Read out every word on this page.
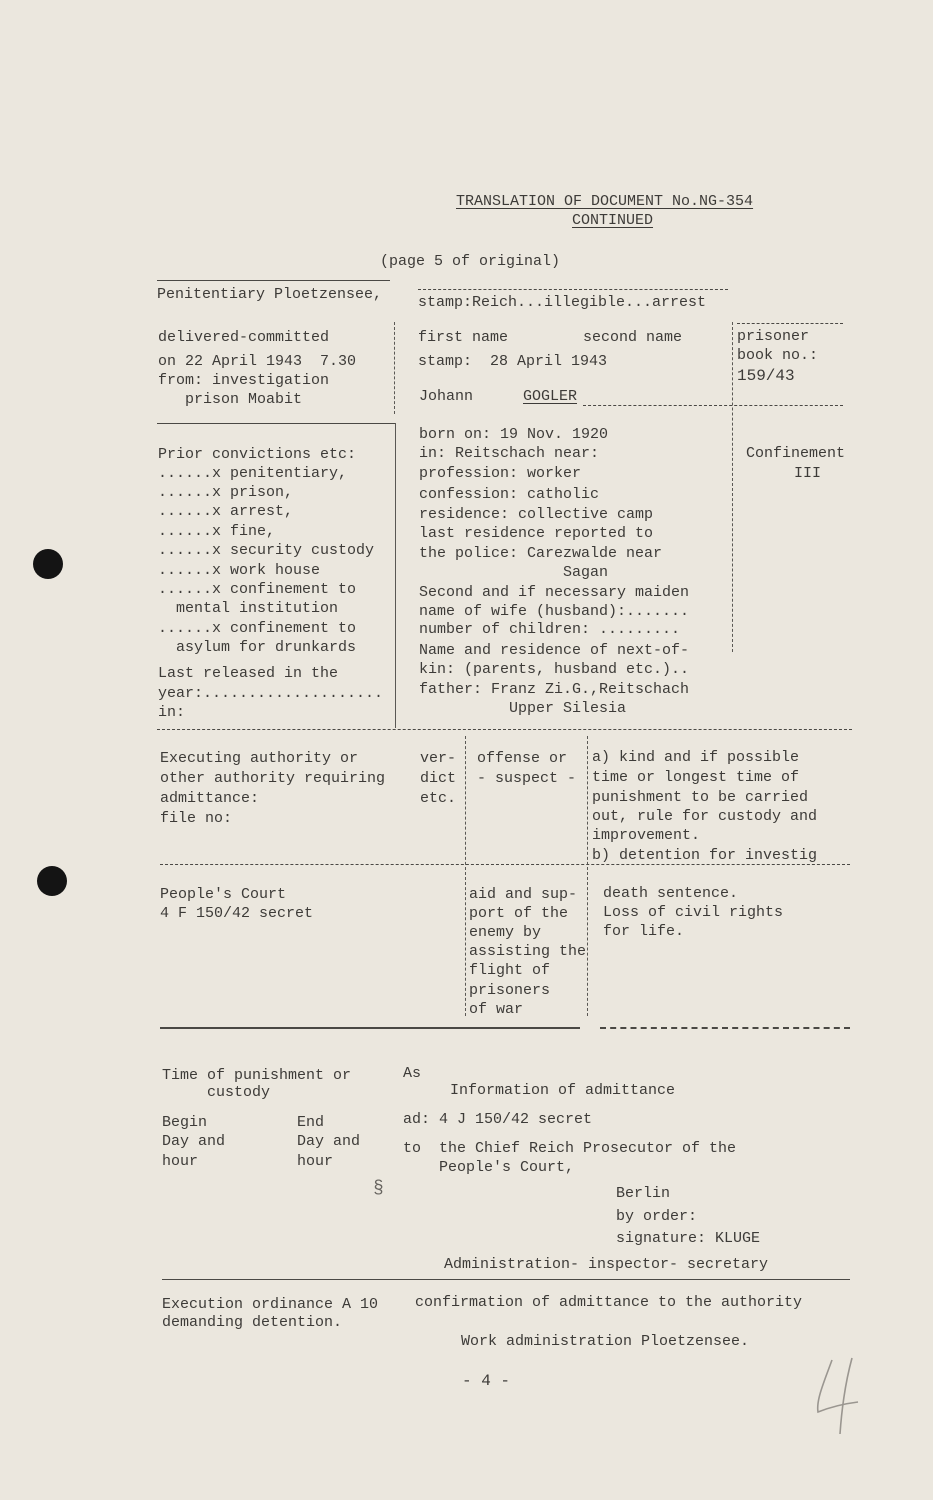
TRANSLATION OF DOCUMENT No.NG-354
CONTINUED
(page 5 of original)
Penitentiary Ploetzensee, stamp:Reich...illegible...arrest
delivered-committed
on 22 April 1943  7.30
from: investigation
prison Moabit
first name	second name
stamp:  28 April 1943
Johann	GOGLER
prisoner
book no.:
159/43
Prior convictions etc:
......x penitentiary,
......x prison,
......x arrest,
......x fine,
......x security custody
......x work house
......x confinement to
mental institution
......x confinement to
asylum for drunkards
Last released in the
year:....................
in:
born on: 19 Nov. 1920
in: Reitschach near:
profession: worker
confession: catholic
residence: collective camp
last residence reported to
the police: Carezwalde near
Sagan
Second and if necessary maiden
name of wife (husband):.......
number of children: .........
Name and residence of next-of-
kin: (parents, husband etc.)..
father: Franz Zi.G.,Reitschach
Upper Silesia
Confinement
III
Executing authority or
other authority requiring
admittance:
file no:
ver-
dict
etc.
offense or
- suspect -
a) kind and if possible
time or longest time of
punishment to be carried
out, rule for custody and
improvement.
b) detention for investig
People's Court
4 F 150/42 secret
aid and sup-
port of the
enemy by
assisting the
flight of
prisoners
of war
death sentence.
Loss of civil rights
for life.
Time of punishment or
custody
As
Information of admittance
Begin
Day and
hour
End
Day and
hour
ad: 4 J 150/42 secret
to  the Chief Reich Prosecutor of the
People's Court,
Berlin
by order:
signature: KLUGE
Administration- inspector- secretary
Execution ordinance A 10
demanding detention.
confirmation of admittance to the authority
Work administration Ploetzensee.
- 4 -
§
